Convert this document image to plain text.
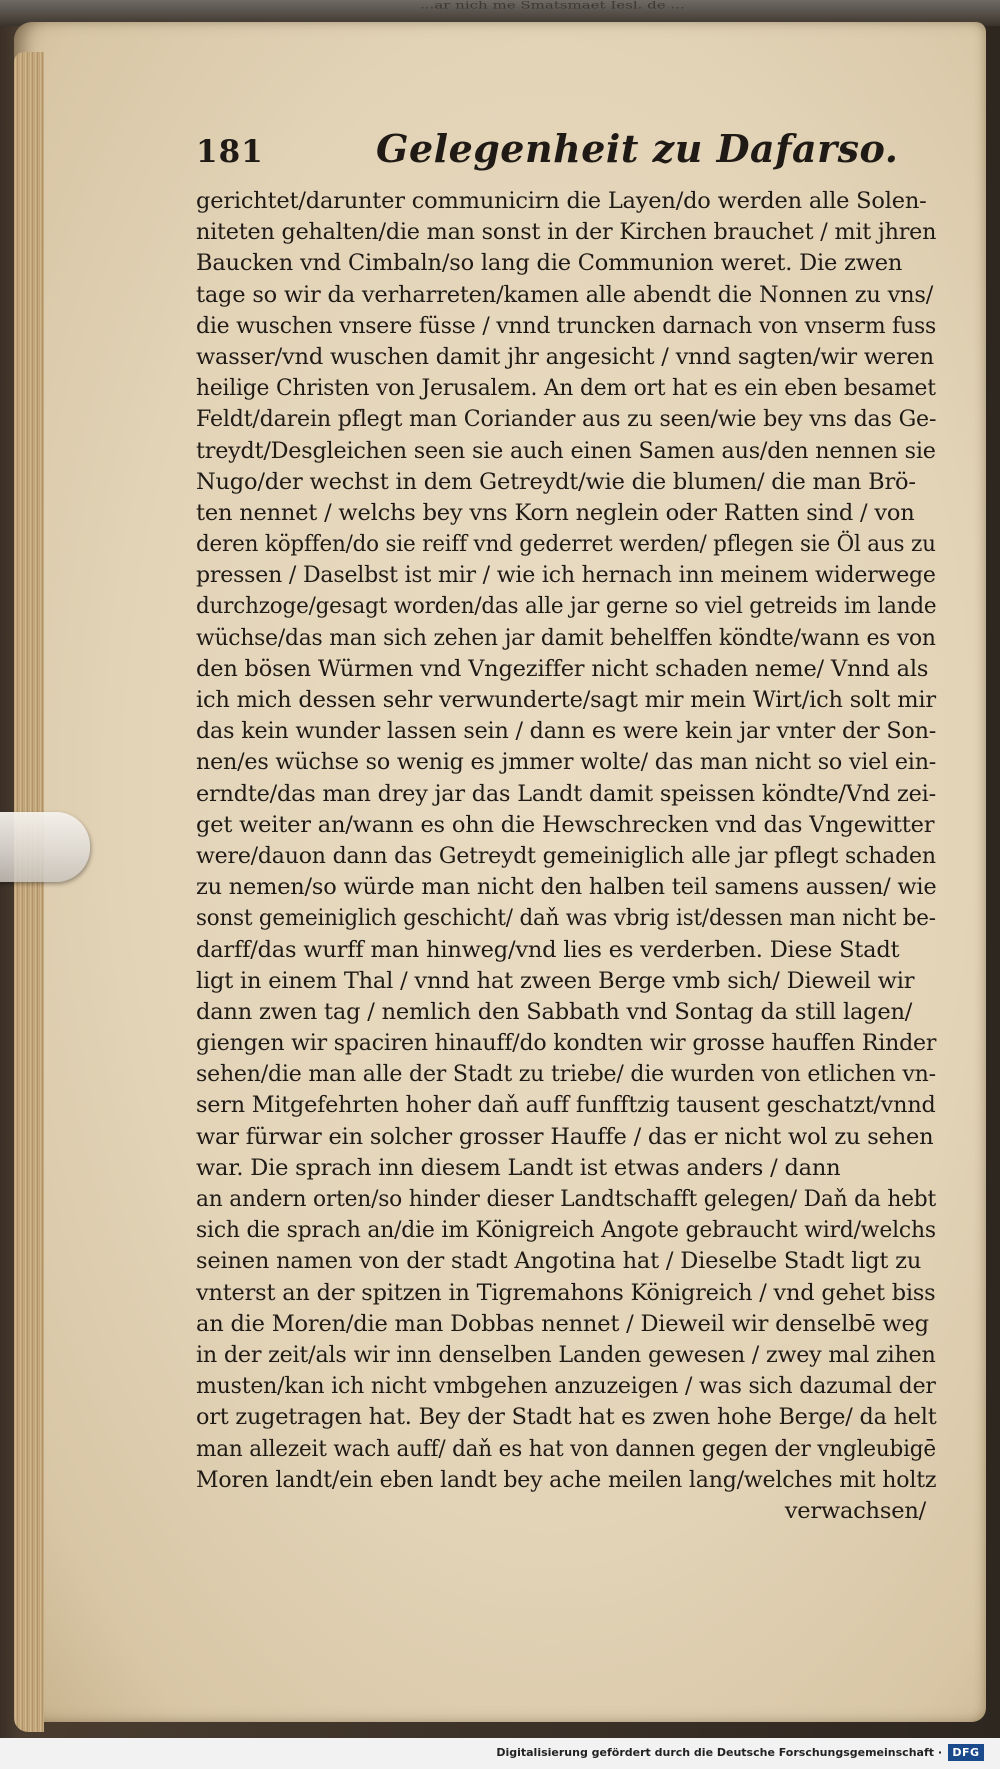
...ar nich me Smatsmaet Iesl. de ...
181	Gelegenheit zu Dafarso.
gerichtet/darunter communicirn die Layen/do werden alle Solen-
niteten gehalten/die man sonst in der Kirchen brauchet / mit jhren
Baucken vnd Cimbaln/so lang die Communion weret. Die zwen
tage so wir da verharreten/kamen alle abendt die Nonnen zu vns/
die wuschen vnsere füsse / vnnd truncken darnach von vnserm fuss
wasser/vnd wuschen damit jhr angesicht / vnnd sagten/wir weren
heilige Christen von Jerusalem. An dem ort hat es ein eben besamet
Feldt/darein pflegt man Coriander aus zu seen/wie bey vns das Ge-
treydt/Desgleichen seen sie auch einen Samen aus/den nennen sie
Nugo/der wechst in dem Getreydt/wie die blumen/ die man Brö-
ten nennet / welchs bey vns Korn neglein oder Ratten sind / von
deren köpffen/do sie reiff vnd gederret werden/ pflegen sie Öl aus zu
pressen / Daselbst ist mir / wie ich hernach inn meinem widerwege
durchzoge/gesagt worden/das alle jar gerne so viel getreids im lande
wüchse/das man sich zehen jar damit behelffen köndte/wann es von
den bösen Würmen vnd Vngeziffer nicht schaden neme/ Vnnd als
ich mich dessen sehr verwunderte/sagt mir mein Wirt/ich solt mir
das kein wunder lassen sein / dann es were kein jar vnter der Son-
nen/es wüchse so wenig es jmmer wolte/ das man nicht so viel ein-
erndte/das man drey jar das Landt damit speissen köndte/Vnd zei-
get weiter an/wann es ohn die Hewschrecken vnd das Vngewitter
were/dauon dann das Getreydt gemeiniglich alle jar pflegt schaden
zu nemen/so würde man nicht den halben teil samens aussen/ wie
sonst gemeiniglich geschicht/ daň was vbrig ist/dessen man nicht be-
darff/das wurff man hinweg/vnd lies es verderben. Diese Stadt
ligt in einem Thal / vnnd hat zween Berge vmb sich/ Dieweil wir
dann zwen tag / nemlich den Sabbath vnd Sontag da still lagen/
giengen wir spaciren hinauff/do kondten wir grosse hauffen Rinder
sehen/die man alle der Stadt zu triebe/ die wurden von etlichen vn-
sern Mitgefehrten hoher daň auff funfftzig tausent geschatzt/vnnd
war fürwar ein solcher grosser Hauffe / das er nicht wol zu sehen
war. Die sprach inn diesem Landt ist etwas anders / dann
an andern orten/so hinder dieser Landtschafft gelegen/ Daň da hebt
sich die sprach an/die im Königreich Angote gebraucht wird/welchs
seinen namen von der stadt Angotina hat / Dieselbe Stadt ligt zu
vnterst an der spitzen in Tigremahons Königreich / vnd gehet biss
an die Moren/die man Dobbas nennet / Dieweil wir denselbē weg
in der zeit/als wir inn denselben Landen gewesen / zwey mal zihen
musten/kan ich nicht vmbgehen anzuzeigen / was sich dazumal der
ort zugetragen hat. Bey der Stadt hat es zwen hohe Berge/ da helt
man allezeit wach auff/ daň es hat von dannen gegen der vngleubigē
Moren landt/ein eben landt bey ache meilen lang/welches mit holtz
verwachsen/
Digitalisierung gefördert durch die Deutsche Forschungsgemeinschaft · DFG
